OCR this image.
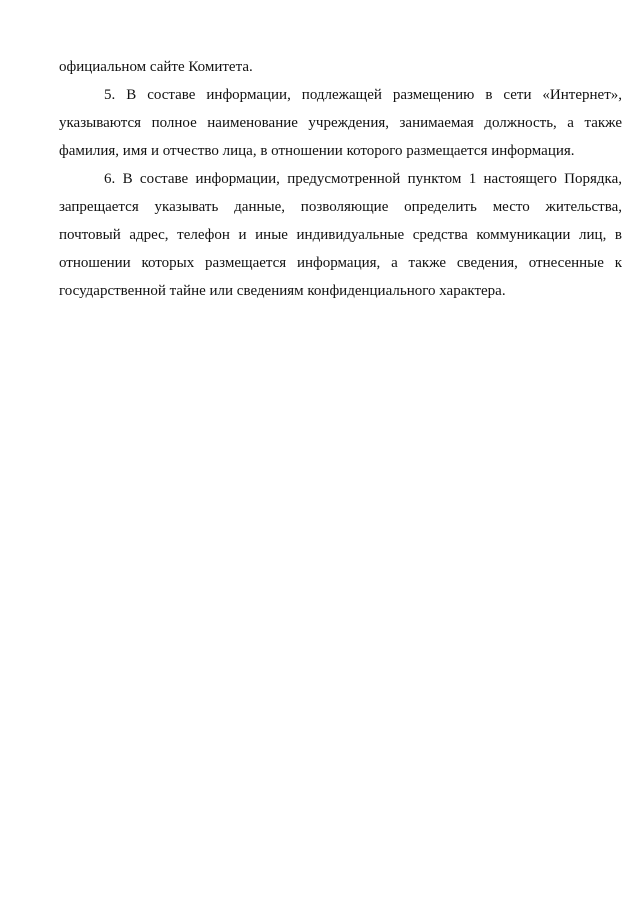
официальном сайте Комитета.
5. В составе информации, подлежащей размещению в сети «Интернет»,
указываются полное наименование учреждения, занимаемая должность, а также
фамилия, имя и отчество лица, в отношении которого размещается информация.
6. В составе информации, предусмотренной пунктом 1 настоящего Порядка,
запрещается указывать данные, позволяющие определить место жительства,
почтовый адрес, телефон и иные индивидуальные средства коммуникации лиц, в
отношении которых размещается информация, а также сведения, отнесенные к
государственной тайне или сведениям конфиденциального характера.
